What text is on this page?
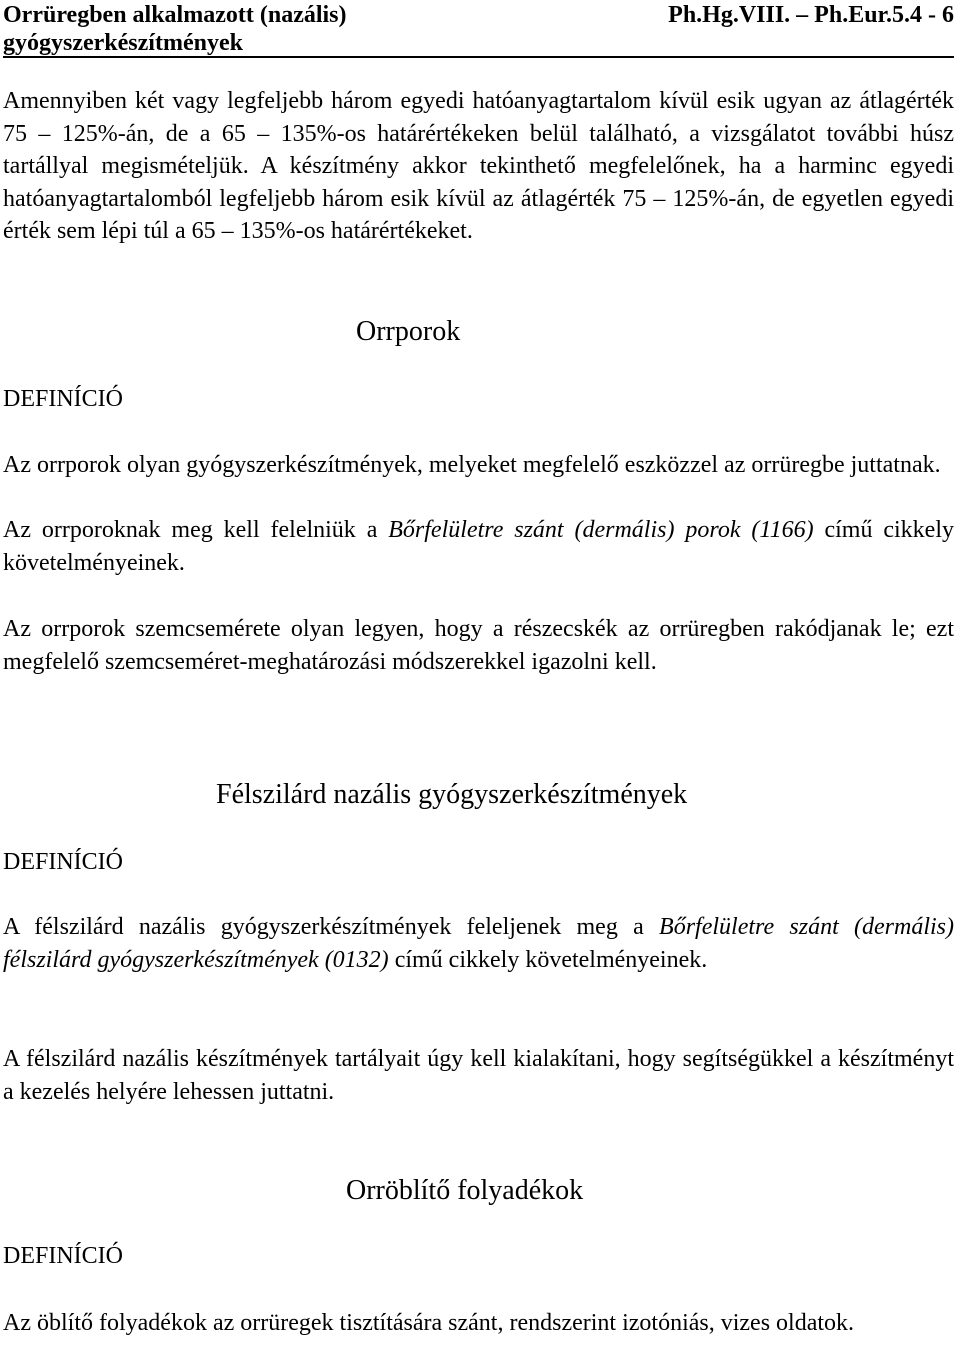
Orrüregben alkalmazott (nazális)
gyógyszerkészítmények
Ph.Hg.VIII. – Ph.Eur.5.4 - 6

Amennyiben két vagy legfeljebb három egyedi hatóanyagtartalom kívül esik ugyan az átlagérték 75 – 125%-án, de a 65 – 135%-os határértékeken belül található, a vizsgálatot további húsz tartállyal megismételjük. A készítmény akkor tekinthető megfelelőnek, ha a harminc egyedi hatóanyagtartalomból legfeljebb három esik kívül az átlagérték 75 – 125%-án, de egyetlen egyedi érték sem lépi túl a 65 – 135%-os határértékeket.

Orrporok
DEFINÍCIÓ

Az orrporok olyan gyógyszerkészítmények, melyeket megfelelő eszközzel az orrüregbe juttatnak.

Az orrporoknak meg kell felelniük a Bőrfelületre szánt (dermális) porok (1166) című cikkely követelményeinek.

Az orrporok szemcsemérete olyan legyen, hogy a részecskék az orrüregben rakódjanak le; ezt megfelelő szemcseméret-meghatározási módszerekkel igazolni kell.

Félszilárd nazális gyógyszerkészítmények
DEFINÍCIÓ

A félszilárd nazális gyógyszerkészítmények feleljenek meg a Bőrfelületre szánt (dermális) félszilárd gyógyszerkészítmények (0132) című cikkely követelményeinek.

A félszilárd nazális készítmények tartályait úgy kell kialakítani, hogy segítségükkel a készítményt a kezelés helyére lehessen juttatni.

Orröblítő folyadékok
DEFINÍCIÓ

Az öblítő folyadékok az orrüregek tisztítására szánt, rendszerint izotóniás, vizes oldatok.
